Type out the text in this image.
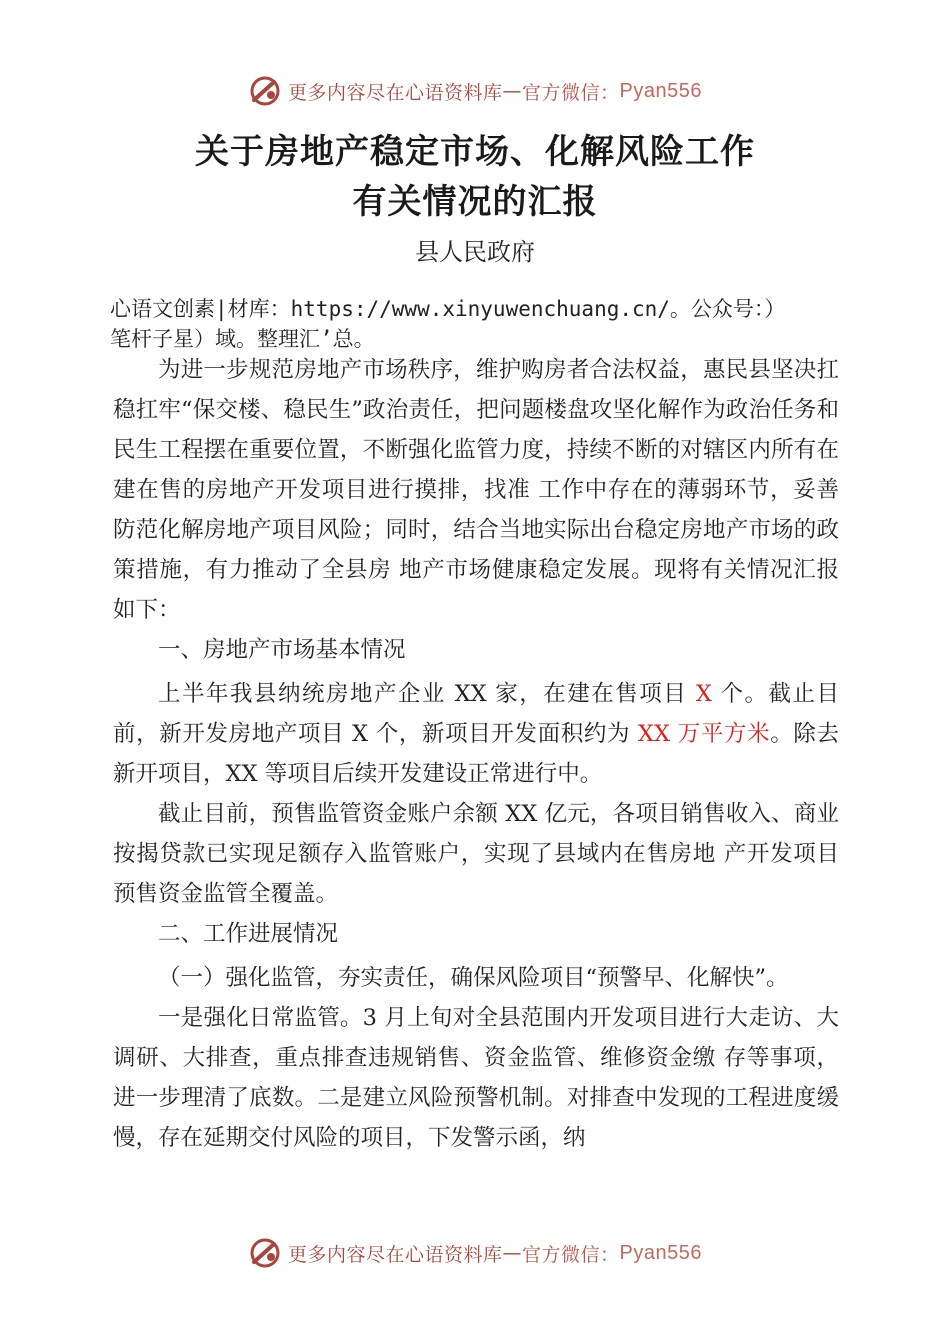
更多内容尽在心语资料库 — 官方微信： Pyan556
关于房地产稳定市场、化解风险工作
有关情况的汇报
县人民政府
心语文创素|材库：https://www.xinyuwenchuang.cn/。公众号：）
笔杆子星）域。整理汇’总。

为进一步规范房地产市场秩序，维护购房者合法权益，惠民县坚决扛稳扛牢“保交楼、稳民生”政治责任，把问题楼盘攻坚化解作为政治任务和民生工程摆在重要位置，不断强化监管力度，持续不断的对辖区内所有在建在售的房地产开发项目进行摸排，找准 工作中存在的薄弱环节，妥善防范化解房地产项目风险；同时，结合当地实际出台稳定房地产市场的政策措施，有力推动了全县房 地产市场健康稳定发展。现将有关情况汇报如下：

一、房地产市场基本情况

上半年我县纳统房地产企业 XX 家，在建在售项目 X 个。截止目前，新开发房地产项目 X 个，新项目开发面积约为 XX 万平方米。除去新开项目，XX 等项目后续开发建设正常进行中。

截止目前，预售监管资金账户余额 XX 亿元，各项目销售收入、商业按揭贷款已实现足额存入监管账户，实现了县域内在售房地 产开发项目预售资金监管全覆盖。

二、工作进展情况

（一）强化监管，夯实责任，确保风险项目“预警早、化解快”。

一是强化日常监管。3 月上旬对全县范围内开发项目进行大走访、大调研、大排查，重点排查违规销售、资金监管、维修资金缴 存等事项，进一步理清了底数。二是建立风险预警机制。对排查中发现的工程进度缓慢，存在延期交付风险的项目，下发警示函，纳

更多内容尽在心语资料库 — 官方微信： Pyan556
